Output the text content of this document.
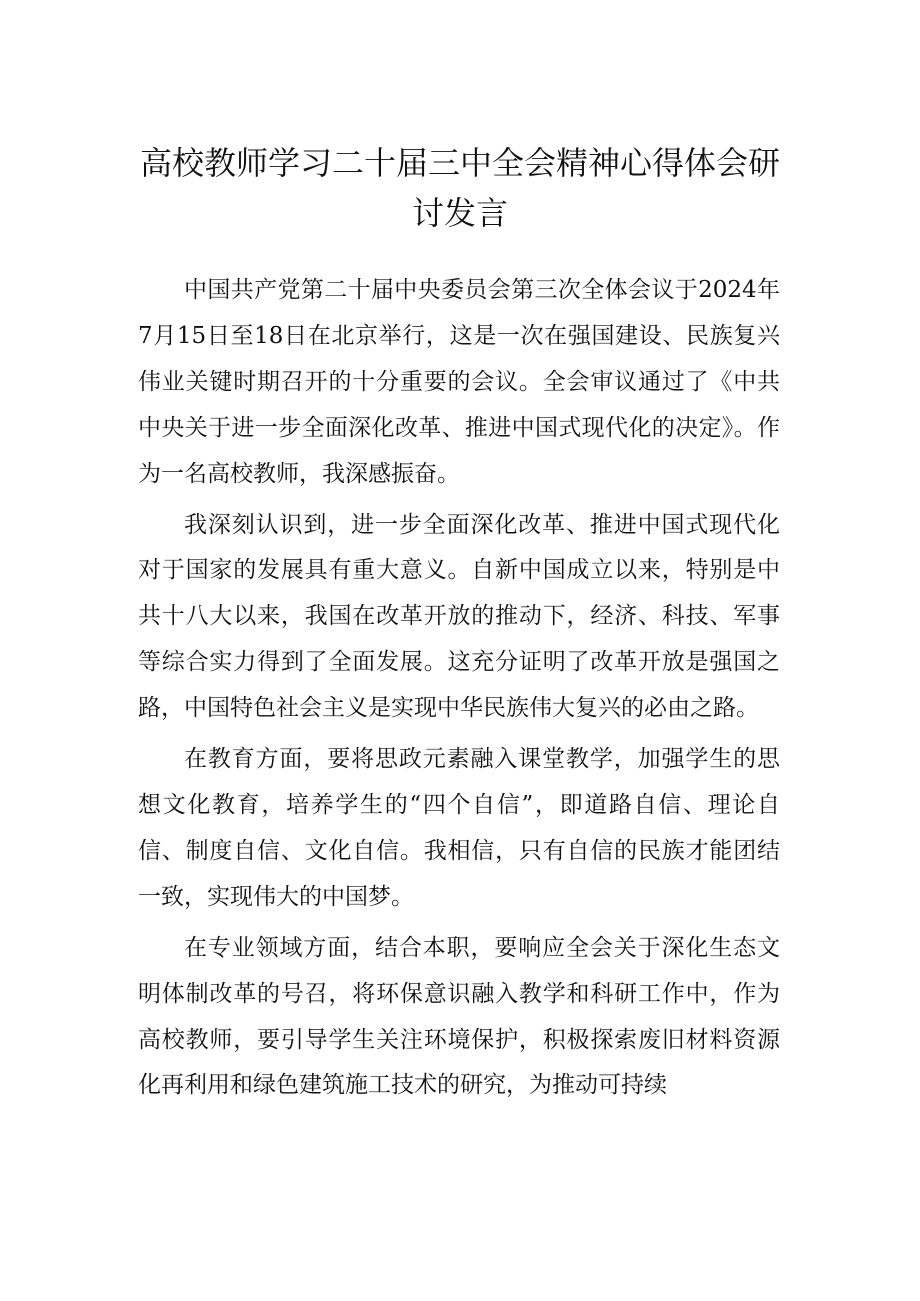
高校教师学习二十届三中全会精神心得体会研讨发言

中国共产党第二十届中央委员会第三次全体会议于2024年7月15日至18日在北京举行，这是一次在强国建设、民族复兴伟业关键时期召开的十分重要的会议。全会审议通过了《中共中央关于进一步全面深化改革、推进中国式现代化的决定》。作为一名高校教师，我深感振奋。

我深刻认识到，进一步全面深化改革、推进中国式现代化对于国家的发展具有重大意义。自新中国成立以来，特别是中共十八大以来，我国在改革开放的推动下，经济、科技、军事等综合实力得到了全面发展。这充分证明了改革开放是强国之路，中国特色社会主义是实现中华民族伟大复兴的必由之路。

在教育方面，要将思政元素融入课堂教学，加强学生的思想文化教育，培养学生的“四个自信”，即道路自信、理论自信、制度自信、文化自信。我相信，只有自信的民族才能团结一致，实现伟大的中国梦。

在专业领域方面，结合本职，要响应全会关于深化生态文明体制改革的号召，将环保意识融入教学和科研工作中，作为高校教师，要引导学生关注环境保护，积极探索废旧材料资源化再利用和绿色建筑施工技术的研究，为推动可持续
